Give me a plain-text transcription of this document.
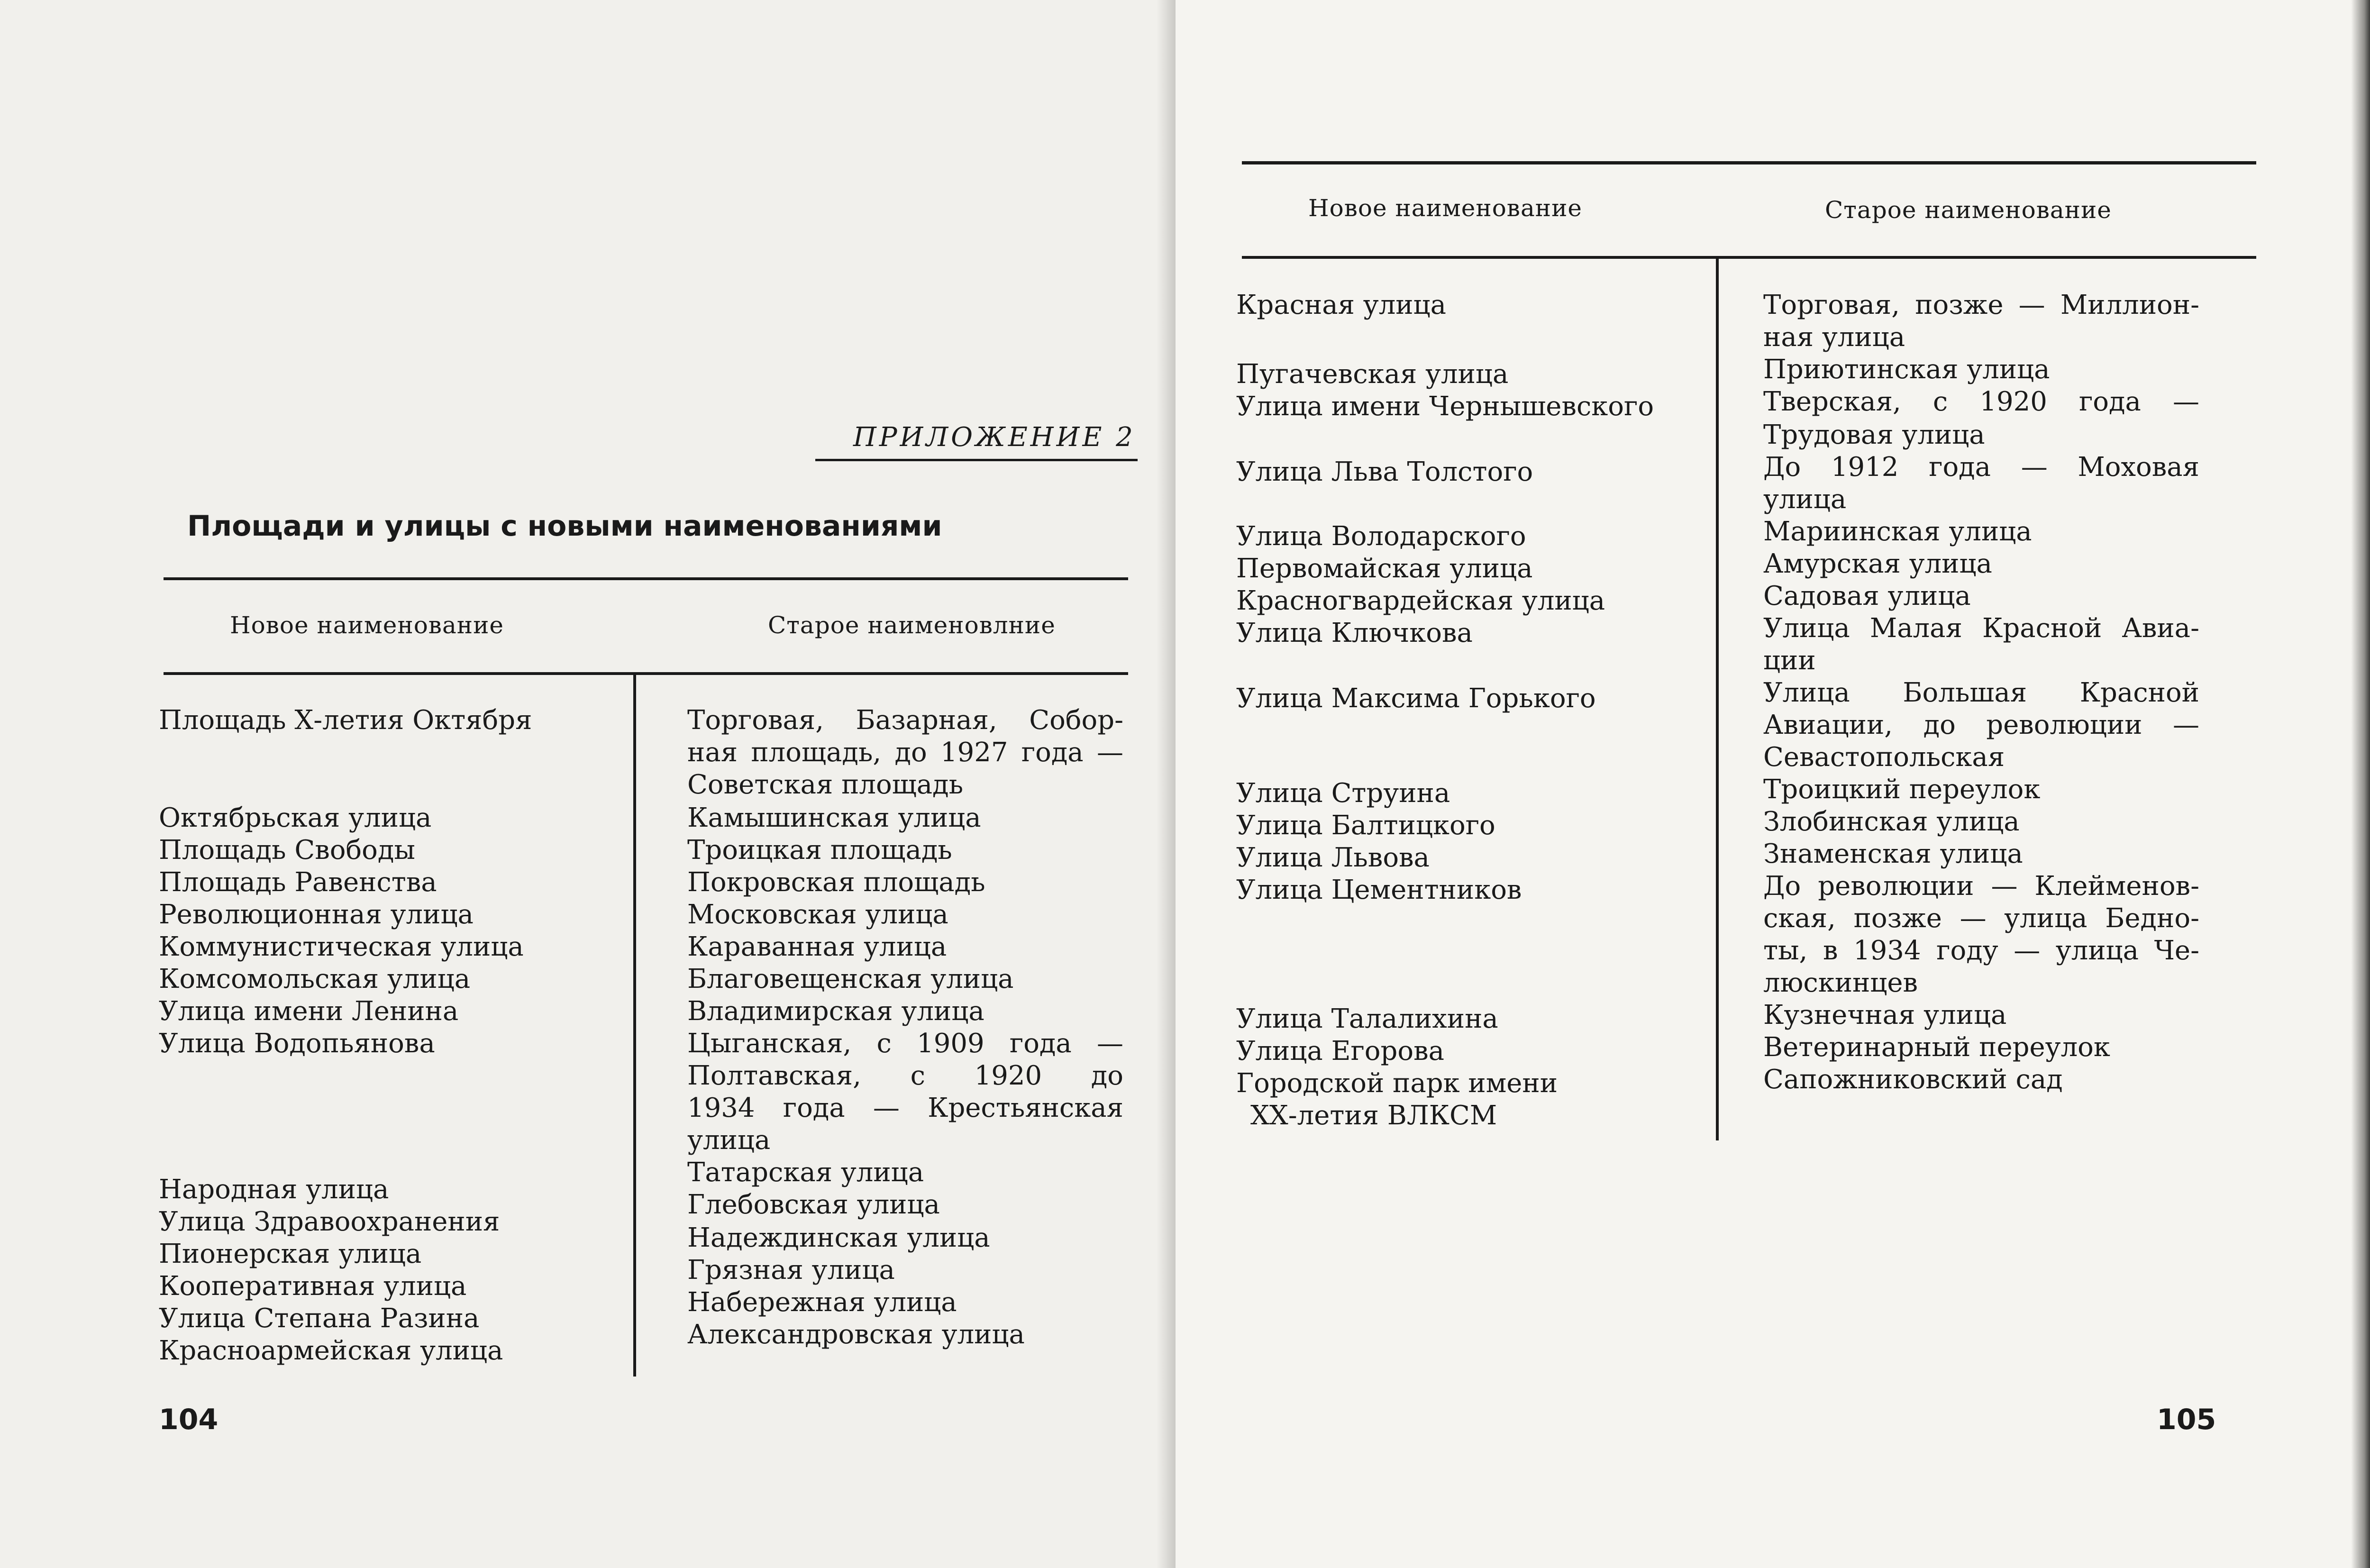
ПРИЛОЖЕНИЕ 2
Площади и улицы с новыми наименованиями
Новое наименование	Старое наименовлние
Площадь Х-летия Октября
Октябрьская улица
Площадь Свободы
Площадь Равенства
Революционная улица
Коммунистическая улица
Комсомольская улица
Улица имени Ленина
Улица Водопьянова
Народная улица
Улица Здравоохранения
Пионерская улица
Кооперативная улица
Улица Степана Разина
Красноармейская улица
Торговая, Базарная, Собор-
ная площадь, до 1927 года —
Советская площадь
Камышинская улица
Троицкая площадь
Покровская площадь
Московская улица
Караванная улица
Благовещенская улица
Владимирская улица
Цыганская, с 1909 года —
Полтавская, с 1920 до
1934 года — Крестьянская
улица
Татарская улица
Глебовская улица
Надеждинская улица
Грязная улица
Набережная улица
Александровская улица
104
Новое наименование	Старое наименование
Красная улица
Пугачевская улица
Улица имени Чернышевского
Улица Льва Толстого
Улица Володарского
Первомайская улица
Красногвардейская улица
Улица Ключкова
Улица Максима Горького
Улица Струина
Улица Балтицкого
Улица Львова
Улица Цементников
Улица Талалихина
Улица Егорова
Городской парк имени
ХХ-летия ВЛКСМ
Торговая, позже — Миллион-
ная улица
Приютинская улица
Тверская, с 1920 года —
Трудовая улица
До 1912 года — Моховая
улица
Мариинская улица
Амурская улица
Садовая улица
Улица Малая Красной Авиа-
ции
Улица Большая Красной
Авиации, до революции —
Севастопольская
Троицкий переулок
Злобинская улица
Знаменская улица
До революции — Клейменов-
ская, позже — улица Бедно-
ты, в 1934 году — улица Че-
люскинцев
Кузнечная улица
Ветеринарный переулок
Сапожниковский сад
105
